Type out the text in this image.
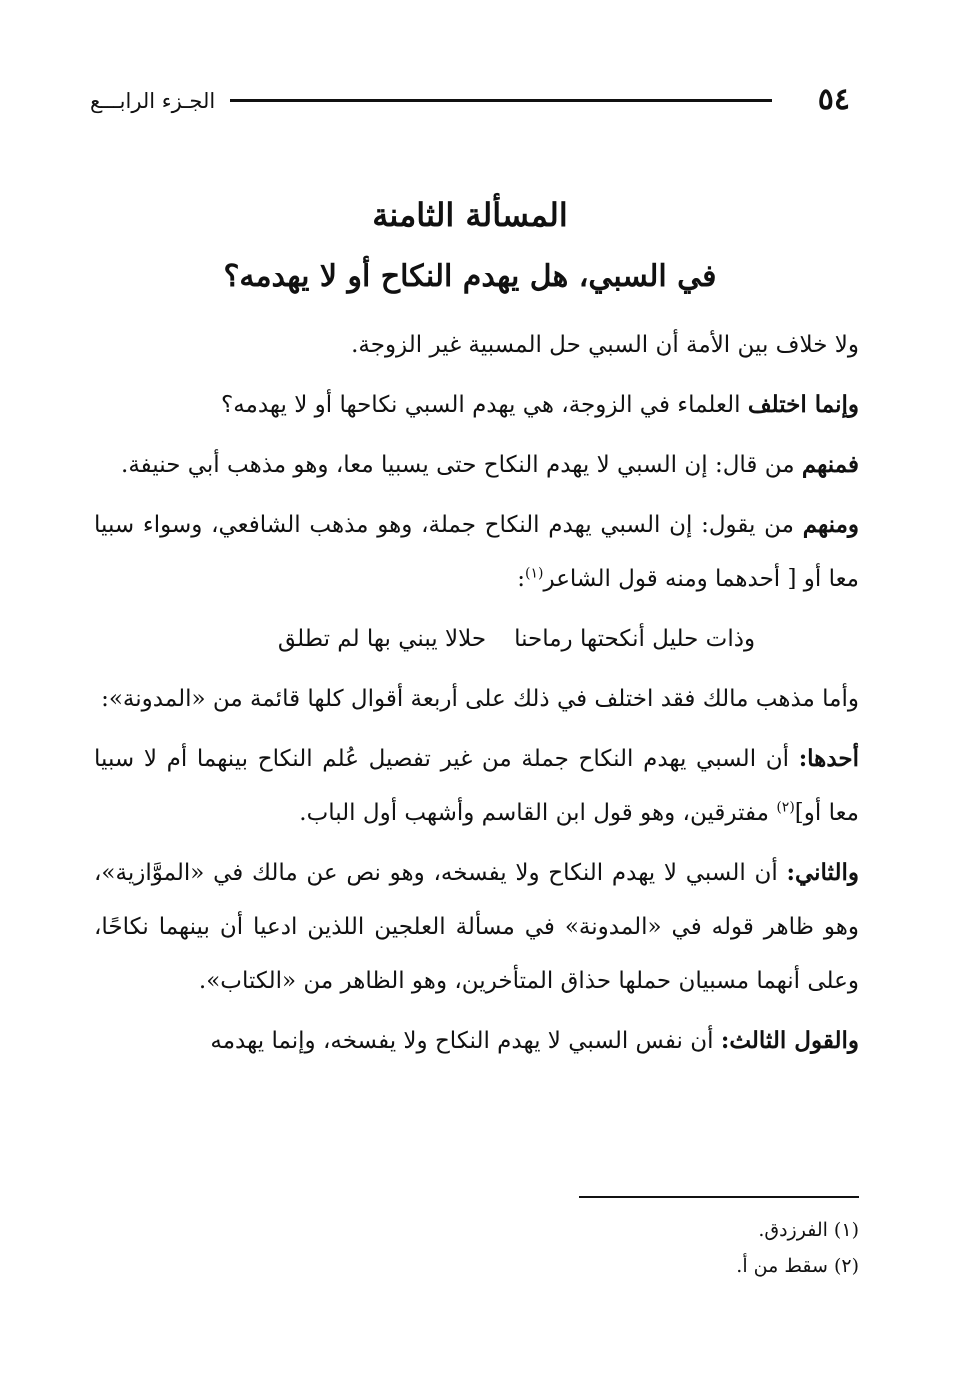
٥٤
الجـزء الرابـــع
المسألة الثامنة
في السبي، هل يهدم النكاح أو لا يهدمه؟

ولا خلاف بين الأمة أن السبي حل المسبية غير الزوجة.

وإنما اختلف العلماء في الزوجة، هي يهدم السبي نكاحها أو لا يهدمه؟

فمنهم من قال: إن السبي لا يهدم النكاح حتى يسبيا معا، وهو مذهب أبي حنيفة.

ومنهم من يقول: إن السبي يهدم النكاح جملة، وهو مذهب الشافعي، وسواء سبيا معا أو [ أحدهما ومنه قول الشاعر$^{(١)}$:

وذات حليل أنكحتها رماحناحلالا يبني بها لم تطلق

وأما مذهب مالك فقد اختلف في ذلك على أربعة أقوال كلها قائمة من «المدونة»:

أحدها: أن السبي يهدم النكاح جملة من غير تفصيل عُلم النكاح بينهما أم لا سبيا معا أو]$^{(٢)}$ مفترقين، وهو قول ابن القاسم وأشهب أول الباب.

والثاني: أن السبي لا يهدم النكاح ولا يفسخه، وهو نص عن مالك في «الموَّازية»، وهو ظاهر قوله في «المدونة» في مسألة العلجين اللذين ادعيا أن بينهما نكاحًا، وعلى أنهما مسبيان حملها حذاق المتأخرين، وهو الظاهر من «الكتاب».

والقول الثالث: أن نفس السبي لا يهدم النكاح ولا يفسخه، وإنما يهدمه

(١) الفرزدق.
(٢) سقط من أ.
